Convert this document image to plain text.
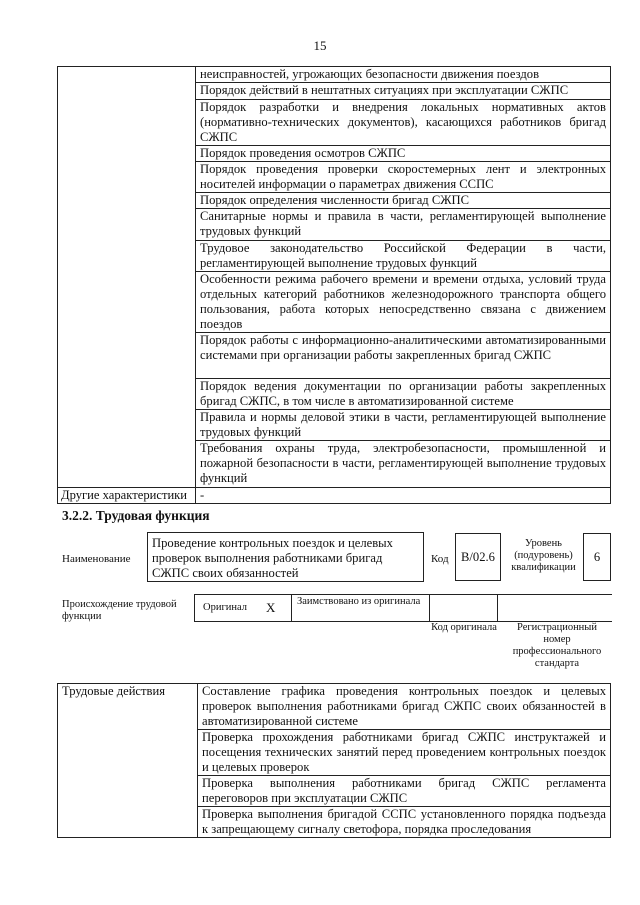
15
	неисправностей, угрожающих безопасности движения поездов
	Порядок действий в нештатных ситуациях при эксплуатации СЖПС
	Порядок разработки и внедрения локальных нормативных актов (нормативно-технических документов), касающихся работников бригад СЖПС
	Порядок проведения осмотров СЖПС
	Порядок проведения проверки скоростемерных лент и электронных носителей информации о параметрах движения ССПС
	Порядок определения численности бригад СЖПС
	Санитарные нормы и правила в части, регламентирующей выполнение трудовых функций
	Трудовое законодательство Российской Федерации в части, регламентирующей выполнение трудовых функций
	Особенности режима рабочего времени и времени отдыха, условий труда отдельных категорий работников железнодорожного транспорта общего пользования, работа которых непосредственно связана с движением поездов
	Порядок работы с информационно-аналитическими автоматизированными системами при организации работы закрепленных бригад СЖПС
	Порядок ведения документации по организации работы закрепленных бригад СЖПС, в том числе в автоматизированной системе
	Правила и нормы деловой этики в части, регламентирующей выполнение трудовых функций
	Требования охраны труда, электробезопасности, промышленной и пожарной безопасности в части, регламентирующей выполнение трудовых функций
Другие характеристики	-
3.2.2. Трудовая функция
Наименование
Проведение контрольных поездок и целевых проверок выполнения работниками бригад СЖПС своих обязанностей
Код B/02.6
Уровень (подуровень) квалификации
6
Происхождение трудовой функции
Оригинал X Заимствовано из оригинала
Код оригинала	Регистрационный номер профессионального стандарта
Трудовые действия	Составление графика проведения контрольных поездок и целевых проверок выполнения работниками бригад СЖПС своих обязанностей в автоматизированной системе
Проверка прохождения работниками бригад СЖПС инструктажей и посещения технических занятий перед проведением контрольных поездок и целевых проверок
Проверка выполнения работниками бригад СЖПС регламента переговоров при эксплуатации СЖПС
Проверка выполнения бригадой ССПС установленного порядка подъезда к запрещающему сигналу светофора, порядка проследования
